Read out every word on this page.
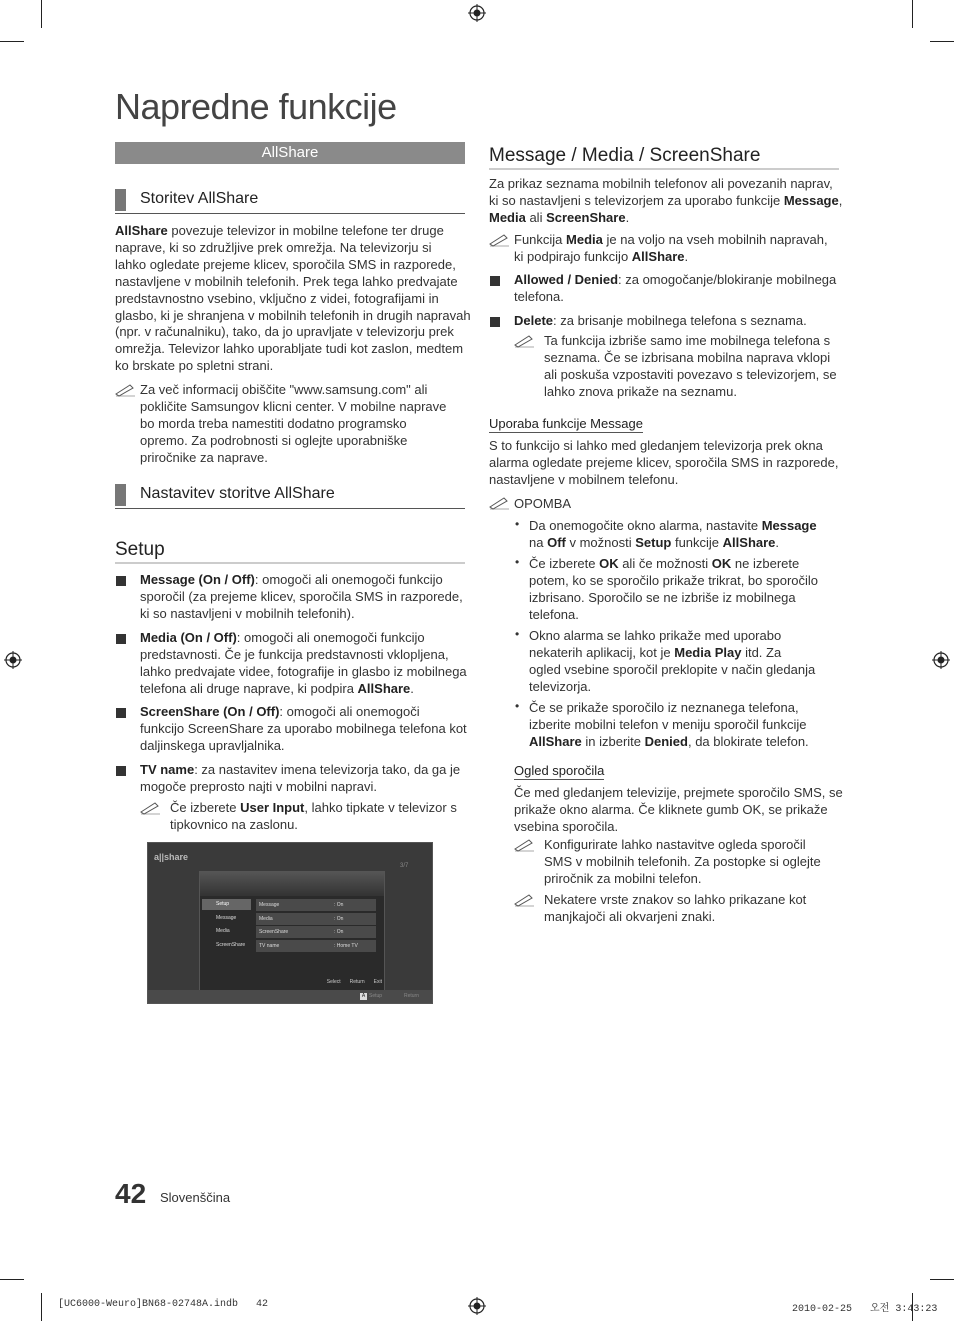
Napredne funkcije
AllShare
Storitev AllShare
AllShare povezuje televizor in mobilne telefone ter druge
naprave, ki so združljive prek omrežja. Na televizorju si
lahko ogledate prejeme klicev, sporočila SMS in razporede,
nastavljene v mobilnih telefonih. Prek tega lahko predvajate
predstavnostno vsebino, vključno z videi, fotografijami in
glasbo, ki je shranjena v mobilnih telefonih in drugih napravah
(npr. v računalniku), tako, da jo upravljate v televizorju prek
omrežja. Televizor lahko uporabljate tudi kot zaslon, medtem
ko brskate po spletni strani.
Za več informacij obiščite "www.samsung.com" ali
pokličite Samsungov klicni center. V mobilne naprave
bo morda treba namestiti dodatno programsko
opremo. Za podrobnosti si oglejte uporabniške
priročnike za naprave.
Nastavitev storitve AllShare
Setup
Message (On / Off): omogoči ali onemogoči funkcijo
sporočil (za prejeme klicev, sporočila SMS in razporede,
ki so nastavljeni v mobilnih telefonih).
Media (On / Off): omogoči ali onemogoči funkcijo
predstavnosti. Če je funkcija predstavnosti vklopljena,
lahko predvajate videe, fotografije in glasbo iz mobilnega
telefona ali druge naprave, ki podpira AllShare.
ScreenShare (On / Off): omogoči ali onemogoči
funkcijo ScreenShare za uporabo mobilnega telefona kot
daljinskega upravljalnika.
TV name: za nastavitev imena televizorja tako, da ga je
mogoče preprosto najti v mobilni napravi.
Če izberete User Input, lahko tipkate v televizor s
tipkovnico na zaslonu.
a||share
3/7
Setup
Message
Media
ScreenShare
Message	: On
Media	: On
ScreenShare	: On
TV name	: Home TV
Select Return Exit
A Setup	Return
Message / Media / ScreenShare
Za prikaz seznama mobilnih telefonov ali povezanih naprav,
ki so nastavljeni s televizorjem za uporabo funkcije Message,
Media ali ScreenShare.
Funkcija Media je na voljo na vseh mobilnih napravah,
ki podpirajo funkcijo AllShare.
Allowed / Denied: za omogočanje/blokiranje mobilnega
telefona.
Delete: za brisanje mobilnega telefona s seznama.
Ta funkcija izbriše samo ime mobilnega telefona s
seznama. Če se izbrisana mobilna naprava vklopi
ali poskuša vzpostaviti povezavo s televizorjem, se
lahko znova prikaže na seznamu.
Uporaba funkcije Message
S to funkcijo si lahko med gledanjem televizorja prek okna
alarma ogledate prejeme klicev, sporočila SMS in razporede,
nastavljene v mobilnem telefonu.
OPOMBA
• Da onemogočite okno alarma, nastavite Message
na Off v možnosti Setup funkcije AllShare.
• Če izberete OK ali če možnosti OK ne izberete
potem, ko se sporočilo prikaže trikrat, bo sporočilo
izbrisano. Sporočilo se ne izbriše iz mobilnega
telefona.
• Okno alarma se lahko prikaže med uporabo
nekaterih aplikacij, kot je Media Play itd. Za
ogled vsebine sporočil preklopite v način gledanja
televizorja.
• Če se prikaže sporočilo iz neznanega telefona,
izberite mobilni telefon v meniju sporočil funkcije
AllShare in izberite Denied, da blokirate telefon.
Ogled sporočila
Če med gledanjem televizije, prejmete sporočilo SMS, se
prikaže okno alarma. Če kliknete gumb OK, se prikaže
vsebina sporočila.
Konfigurirate lahko nastavitve ogleda sporočil
SMS v mobilnih telefonih. Za postopke si oglejte
priročnik za mobilni telefon.
Nekatere vrste znakov so lahko prikazane kot
manjkajoči ali okvarjeni znaki.
42 Slovenščina
[UC6000-Weuro]BN68-02748A.indb   42	2010-02-25   오전 3:43:23
